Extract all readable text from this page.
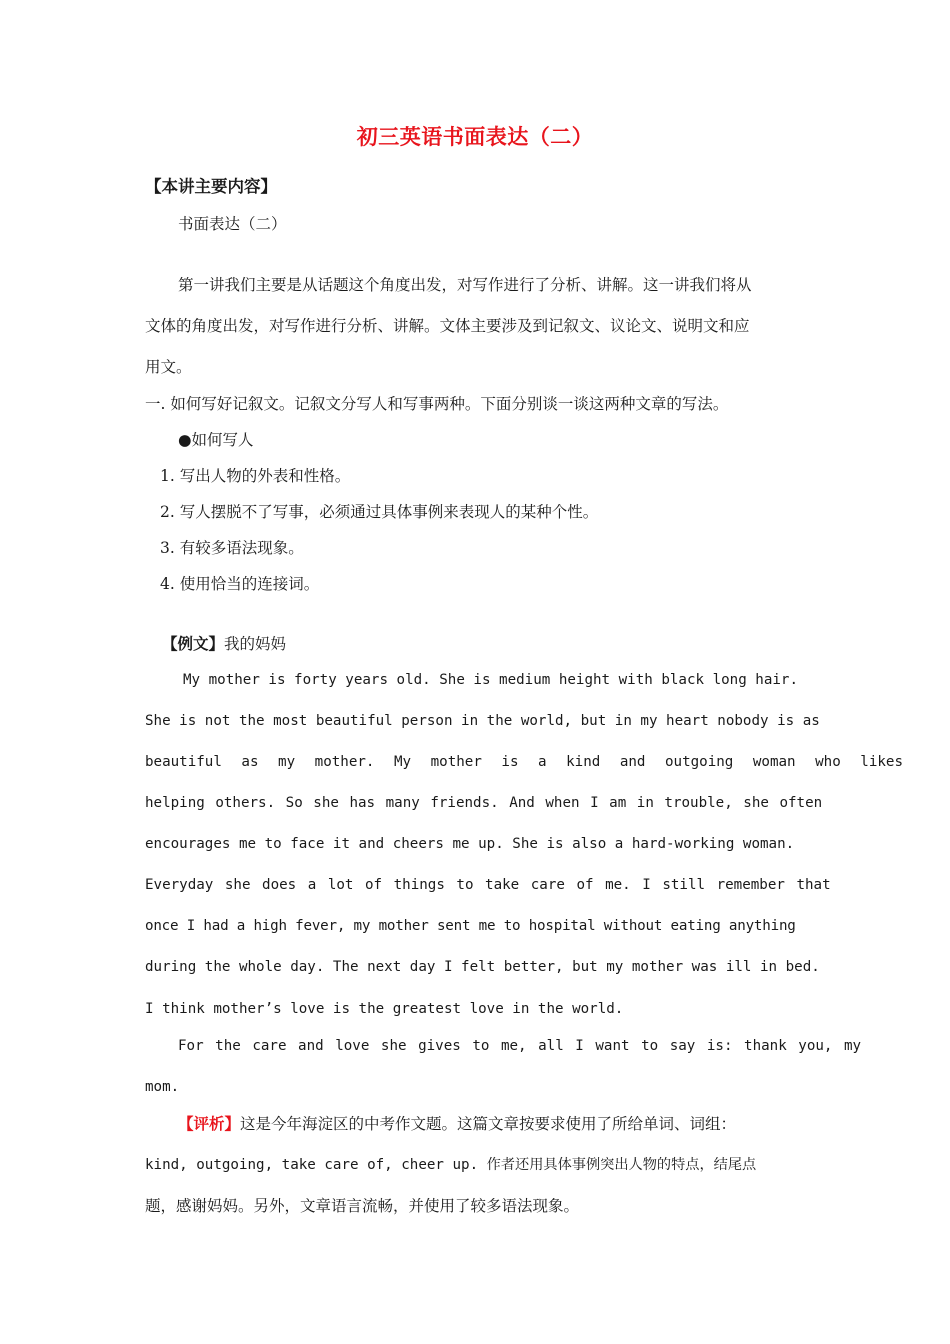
初三英语书面表达（二）
【本讲主要内容】
书面表达（二）
第一讲我们主要是从话题这个角度出发，对写作进行了分析、讲解。这一讲我们将从
文体的角度出发，对写作进行分析、讲解。文体主要涉及到记叙文、议论文、说明文和应
用文。
一. 如何写好记叙文。记叙文分写人和写事两种。下面分别谈一谈这两种文章的写法。
●如何写人
1. 写出人物的外表和性格。
2. 写人摆脱不了写事，必须通过具体事例来表现人的某种个性。
3. 有较多语法现象。
4. 使用恰当的连接词。
【例文】我的妈妈
My mother is forty years old. She is medium height with black long hair.
She is not the most beautiful person in the world, but in my heart nobody is as
beautiful as my mother. My mother is a kind and outgoing woman who likes
helping others. So she has many friends. And when I am in trouble, she often
encourages me to face it and cheers me up. She is also a hard-working woman.
Everyday she does a lot of things to take care of me. I still remember that
once I had a high fever, my mother sent me to hospital without eating anything
during the whole day. The next day I felt better, but my mother was ill in bed.
I think mother’s love is the greatest love in the world.
For the care and love she gives to me, all I want to say is: thank you, my
mom.
【评析】这是今年海淀区的中考作文题。这篇文章按要求使用了所给单词、词组：
kind, outgoing, take care of, cheer up. 作者还用具体事例突出人物的特点，结尾点
题，感谢妈妈。另外，文章语言流畅，并使用了较多语法现象。
